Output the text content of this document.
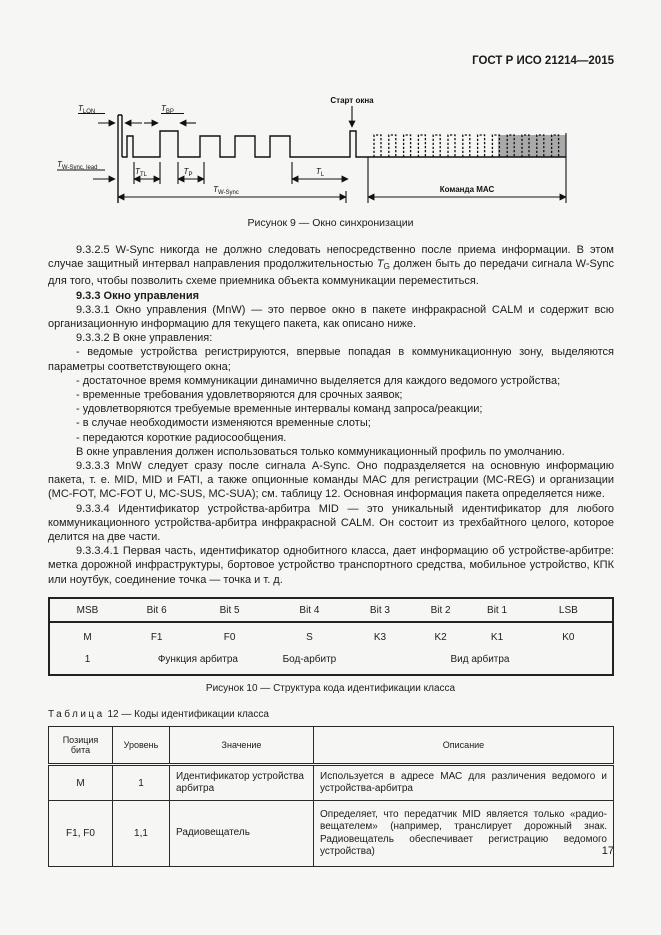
ГОСТ Р ИСО 21214—2015
$T_{LON}$	$T_{BP}$
$T_{W-Sync, lead}$	$T_{TL}$	$T_P$	$T_L$
$T_{W-Sync}$
Старт окна
Команда МАС
Рисунок 9 — Окно синхронизации

9.3.2.5 W-Sync никогда не должно следовать непосредственно после приема информации. В этом случае защитный интервал направления продолжительностью TG должен быть до передачи сигнала W-Sync для того, чтобы позволить схеме приемника объекта коммуникации переместиться.

9.3.3 Окно управления

9.3.3.1 Окно управления (MnW) — это первое окно в пакете инфракрасной CALM и содержит всю организационную информацию для текущего пакета, как описано ниже.

9.3.3.2 В окне управления:

- ведомые устройства регистрируются, впервые попадая в коммуникационную зону, выделяются параметры соответствующего окна;

- достаточное время коммуникации динамично выделяется для каждого ведомого устройства;

- временные требования удовлетворяются для срочных заявок;

- удовлетворяются требуемые временные интервалы команд запроса/реакции;

- в случае необходимости изменяются временные слоты;

- передаются короткие радиосообщения.

В окне управления должен использоваться только коммуникационный профиль по умолчанию.

9.3.3.3 MnW следует сразу после сигнала A-Sync. Оно подразделяется на основную информацию пакета, т. е. MID, MID и FATI, а также опционные команды МАС для регистрации (MC-REG) и организации (MC-FOT, MC-FOT U, MC-SUS, MC-SUA); см. таблицу 12. Основная информация пакета определяется ниже.

9.3.3.4 Идентификатор устройства-арбитра MID — это уникальный идентификатор для любого коммуникационного устройства-арбитра инфракрасной CALM. Он состоит из трехбайтного целого, которое делится на две части.

9.3.3.4.1 Первая часть, идентификатор однобитного класса, дает информацию об устройстве-арбитре: метка дорожной инфраструктуры, бортовое устройство транспортного средства, мобильное устройство, КПК или ноутбук, соединение точка — точка и т. д.

MSB	Bit 6	Bit 5	Bit 4	Bit 3	Bit 2	Bit 1	LSB
M	F1	F0	S	K3	K2	K1	K0
1	Функция арбитра		Бод-арбитр	Вид арбитра			
Рисунок 10 — Структура кода идентификации класса
Таблица 12 — Коды идентификации класса
Позиция бита	Уровень	Значение	Описание
М	1	Идентификатор устройства арбитра	Используется в адресе МАС для различения ведомого и устройства-арбитра
F1, F0	1,1	Радиовещатель	Определяет, что передатчик MID является только «радиовещателем» (например, транслирует дорожный знак. Радиовещатель обеспечивает регистрацию ведомого устройства)	17
